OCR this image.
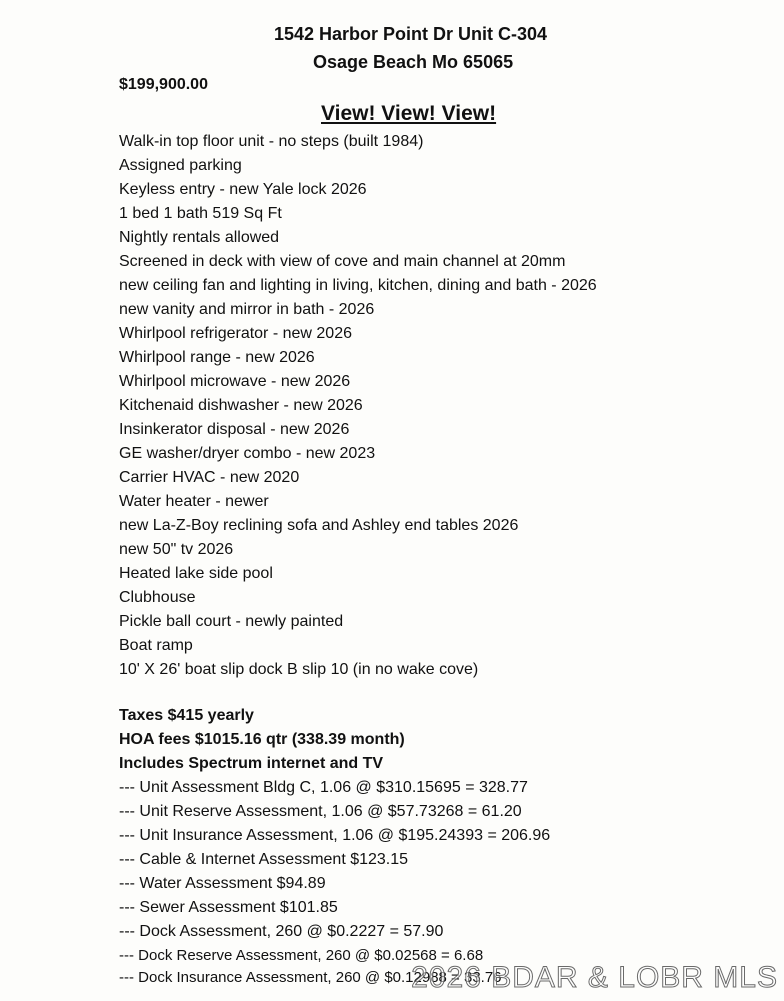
1542 Harbor Point Dr Unit C-304
Osage Beach Mo 65065
$199,900.00
View! View! View!
Walk-in top floor unit - no steps (built 1984)
Assigned parking
Keyless entry - new Yale lock 2026
1 bed 1 bath 519 Sq Ft
Nightly rentals allowed
Screened in deck with view of cove and main channel at 20mm
new ceiling fan and lighting in living, kitchen, dining and bath - 2026
new vanity and mirror in bath - 2026
Whirlpool refrigerator - new 2026
Whirlpool range - new 2026
Whirlpool microwave - new 2026
Kitchenaid dishwasher - new 2026
Insinkerator disposal - new 2026
GE washer/dryer combo - new 2023
Carrier HVAC - new 2020
Water heater - newer
new La-Z-Boy reclining sofa and Ashley end tables 2026
new 50" tv 2026
Heated lake side pool
Clubhouse
Pickle ball court - newly painted
Boat ramp
10' X 26' boat slip dock B slip 10 (in no wake cove)
Taxes $415 yearly
HOA fees $1015.16 qtr (338.39 month)
Includes Spectrum internet and TV
--- Unit Assessment Bldg C, 1.06 @ $310.15695 = 328.77
--- Unit Reserve Assessment, 1.06 @ $57.73268 = 61.20
--- Unit Insurance Assessment, 1.06 @ $195.24393 = 206.96
--- Cable & Internet Assessment $123.15
--- Water Assessment $94.89
--- Sewer Assessment $101.85
--- Dock Assessment, 260 @ $0.2227 = 57.90
--- Dock Reserve Assessment, 260 @ $0.02568 = 6.68
--- Dock Insurance Assessment, 260 @ $0.12988 = 33.76
2026 BDAR & LOBR MLS
